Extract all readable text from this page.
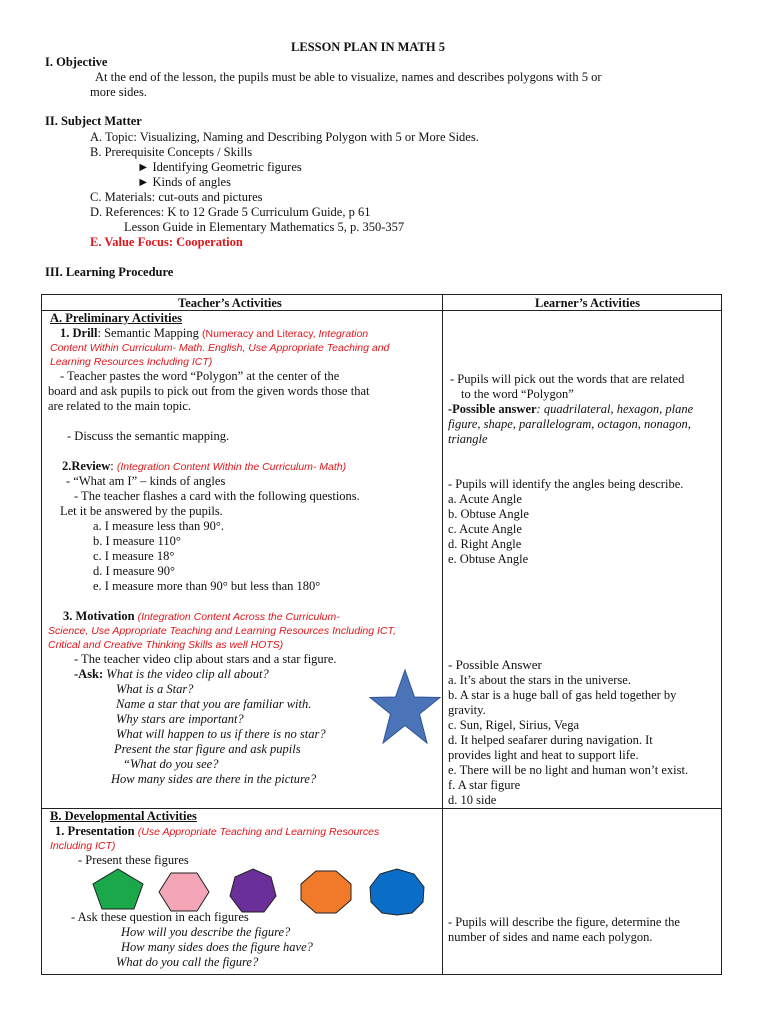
LESSON PLAN IN MATH 5
I. Objective
At the end of the lesson, the pupils must be able to visualize, names and describes polygons with 5 or
more sides.
II. Subject Matter
A. Topic: Visualizing, Naming and Describing Polygon with 5 or More Sides.
B. Prerequisite Concepts / Skills
► Identifying Geometric figures
► Kinds of angles
C. Materials: cut-outs and pictures
D. References: K to 12 Grade 5 Curriculum Guide, p 61
Lesson Guide in Elementary Mathematics 5, p. 350-357
E. Value Focus: Cooperation
III. Learning Procedure
Teacher’s Activities	Learner’s Activities
A. Preliminary Activities
1. Drill: Semantic Mapping (Numeracy and Literacy, Integration
Content Within Curriculum- Math. English, Use Appropriate Teaching and
Learning Resources Including ICT)
- Teacher pastes the word “Polygon” at the center of the
board and ask pupils to pick out from the given words those that
are related to the main topic.
- Discuss the semantic mapping.
2.Review: (Integration Content Within the Curriculum- Math)
- “What am I” – kinds of angles
- The teacher flashes a card with the following questions.
Let it be answered by the pupils.
a. I measure less than 90°.
b. I measure 110°
c. I measure 18°
d. I measure 90°
e. I measure more than 90° but less than 180°
3. Motivation (Integration Content Across the Curriculum-
Science, Use Appropriate Teaching and Learning Resources Including ICT,
Critical and Creative Thinking Skills as well HOTS)
- The teacher video clip about stars and a star figure.
-Ask: What is the video clip all about?
What is a Star?
Name a star that you are familiar with.
Why stars are important?
What will happen to us if there is no star?
Present the star figure and ask pupils
“What do you see?
How many sides are there in the picture?
- Pupils will pick out the words that are related
to the word “Polygon”
-Possible answer: quadrilateral, hexagon, plane
figure, shape, parallelogram, octagon, nonagon,
triangle
- Pupils will identify the angles being describe.
a. Acute Angle
b. Obtuse Angle
c. Acute Angle
d. Right Angle
e. Obtuse Angle
- Possible Answer
a. It’s about the stars in the universe.
b. A star is a huge ball of gas held together by
gravity.
c. Sun, Rigel, Sirius, Vega
d. It helped seafarer during navigation. It
provides light and heat to support life.
e. There will be no light and human won’t exist.
f. A star figure
d. 10 side
B. Developmental Activities
1. Presentation (Use Appropriate Teaching and Learning Resources
Including ICT)
- Present these figures
- Ask these question in each figures
How will you describe the figure?
How many sides does the figure have?
What do you call the figure?
- Pupils will describe the figure, determine the
number of sides and name each polygon.
